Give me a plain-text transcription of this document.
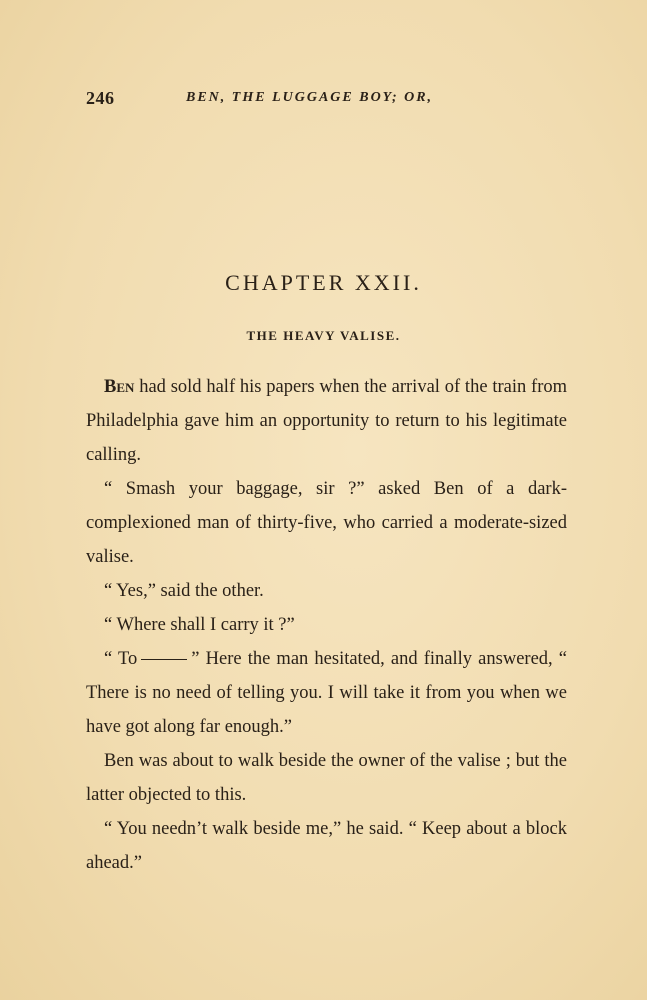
246	BEN, THE LUGGAGE BOY; OR,
CHAPTER XXII.
THE HEAVY VALISE.

Ben had sold half his papers when the arrival of the train from Philadelphia gave him an opportunity to return to his legitimate calling.

“ Smash your baggage, sir ?” asked Ben of a dark-complexioned man of thirty-five, who carried a moderate-sized valise.

“ Yes,” said the other.

“ Where shall I carry it ?”

“ To	” Here the man hesitated, and finally answered, “ There is no need of telling you. I will take it from you when we have got along far enough.”

Ben was about to walk beside the owner of the valise ; but the latter objected to this.

“ You needn’t walk beside me,” he said. “ Keep about a block ahead.”
